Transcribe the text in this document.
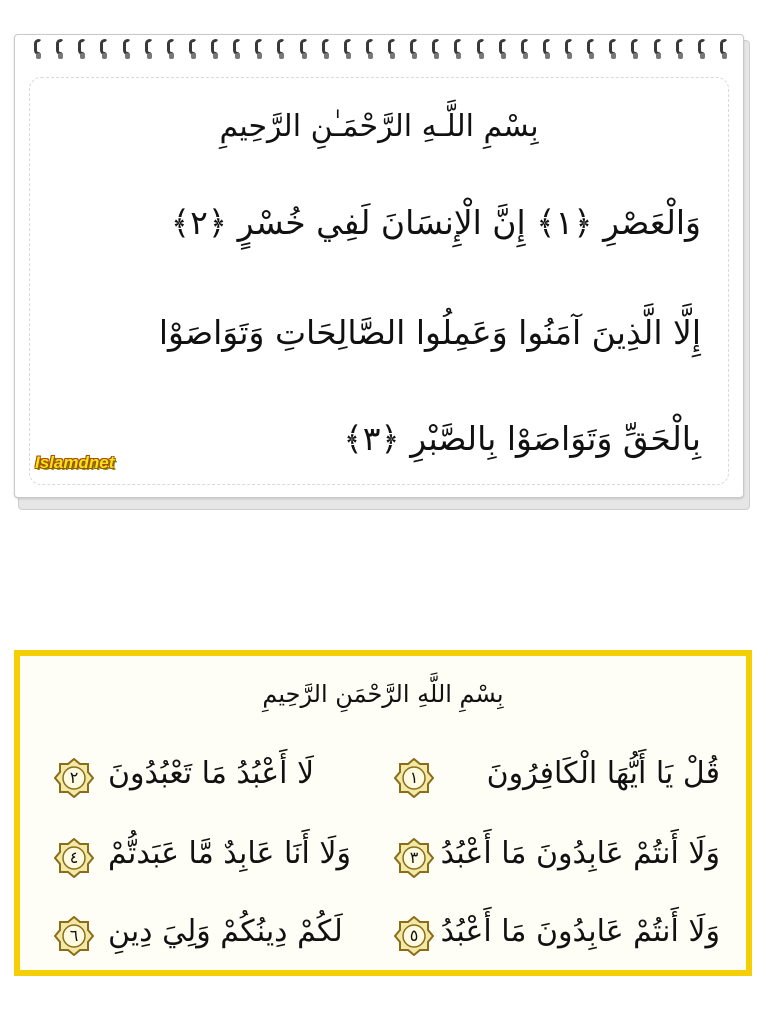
بِسْمِ اللَّـهِ الرَّحْمَـٰنِ الرَّحِيمِ
وَالْعَصْرِ ﴿١﴾ إِنَّ الْإِنسَانَ لَفِي خُسْرٍ ﴿٢﴾
إِلَّا الَّذِينَ آمَنُوا وَعَمِلُوا الصَّالِحَاتِ وَتَوَاصَوْا
بِالْحَقِّ وَتَوَاصَوْا بِالصَّبْرِ ﴿٣﴾
Islamdnet
بِسْمِ اللَّهِ الرَّحْمَنِ الرَّحِيمِ
٢ لَا أَعْبُدُ مَا تَعْبُدُونَ	١	قُلْ يَا أَيُّهَا الْكَافِرُونَ
٤ وَلَا أَنَا عَابِدٌ مَّا عَبَدتُّمْ	٣ وَلَا أَنتُمْ عَابِدُونَ مَا أَعْبُدُ
٦ لَكُمْ دِينُكُمْ وَلِيَ دِينِ	٥ وَلَا أَنتُمْ عَابِدُونَ مَا أَعْبُدُ
